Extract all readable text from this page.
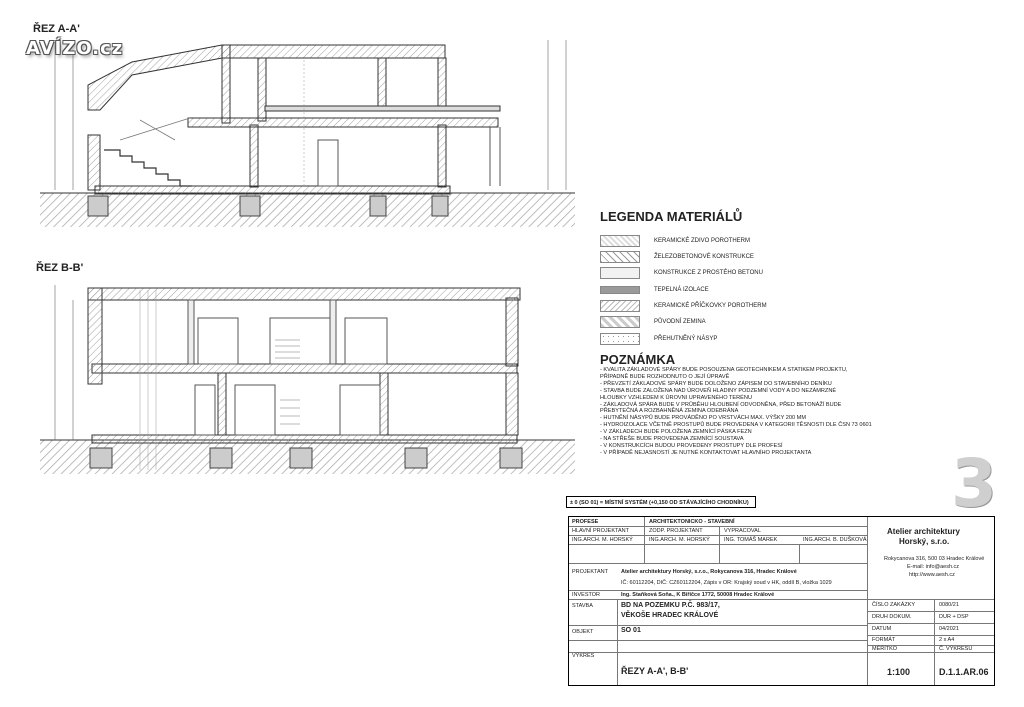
AVÍZO.cz
ŘEZ A-A'
ŘEZ B-B'
LEGENDA MATERIÁLŮ
KERAMICKÉ ZDIVO POROTHERM
ŽELEZOBETONOVÉ KONSTRUKCE
KONSTRUKCE Z PROSTÉHO BETONU
TEPELNÁ IZOLACE
KERAMICKÉ PŘÍČKOVKY POROTHERM
PŮVODNÍ ZEMINA
PŘEHUTNĚNÝ NÁSYP
POZNÁMKA
- KVALITA ZÁKLADOVÉ SPÁRY BUDE POSOUZENA GEOTECHNIKEM A STATIKEM PROJEKTU,
PŘÍPADNĚ BUDE ROZHODNUTO O JEJÍ ÚPRAVĚ
- PŘEVZETÍ ZÁKLADOVÉ SPÁRY BUDE DOLOŽENO ZÁPISEM DO STAVEBNÍHO DENÍKU
- STAVBA BUDE ZALOŽENA NAD ÚROVEŇ HLADINY PODZEMNÍ VODY A DO NEZÁMRZNÉ
HLOUBKY VZHLEDEM K ÚROVNI UPRAVENÉHO TERÉNU
- ZÁKLADOVÁ SPÁRA BUDE V PRŮBĚHU HLOUBENÍ ODVODNĚNA, PŘED BETONÁŽÍ BUDE
PŘEBYTEČNÁ A ROZBAHNĚNÁ ZEMINA ODEBRÁNA
- HUTNĚNÍ NÁSYPŮ BUDE PROVÁDĚNO PO VRSTVÁCH MAX. VÝŠKY 200 MM
- HYDROIZOLACE VČETNĚ PROSTUPŮ BUDE PROVEDENA V KATEGORII TĚSNOSTI DLE ČSN 73 0601
- V ZÁKLADECH BUDE POLOŽENA ZEMNÍCÍ PÁSKA FEZN
- NA STŘEŠE BUDE PROVEDENA ZEMNÍCÍ SOUSTAVA
- V KONSTRUKCÍCH BUDOU PROVEDENY PROSTUPY DLE PROFESÍ
- V PŘÍPADĚ NEJASNOSTÍ JE NUTNÉ KONTAKTOVAT HLAVNÍHO PROJEKTANTA	3
± 0 (SO 01) = MÍSTNÍ SYSTÉM (+0,150 OD STÁVAJÍCÍHO CHODNÍKU)
PROFESE	ARCHITEKTONICKO - STAVEBNÍ
HLAVNÍ PROJEKTANT	ZODP. PROJEKTANT	VYPRACOVAL
ING.ARCH. M. HORSKÝ	ING.ARCH. M. HORSKÝ	ING. TOMÁŠ MAREK	ING.ARCH. B. DUŠKOVÁ
Atelier architektury
Horský, s.r.o.
Rokycanova 316, 500 03 Hradec Králové
E-mail: info@aesh.cz
http://www.aesh.cz
PROJEKTANT Atelier architektury Horský, s.r.o., Rokycanova 316, Hradec Králové
IČ: 60112204, DIČ: CZ60112204, Zápis v OR: Krajský soud v HK, oddíl B, vložka 1029
INVESTOR	Ing. Staňková Soňa., K Biřičce 1772, 50008 Hradec Králové
STAVBA	BD NA POZEMKU P.Č. 983/17,
VĚKOŠE HRADEC KRÁLOVÉ
OBJEKT	SO 01
VÝKRES
ŘEZY A-A', B-B'
ČÍSLO ZAKÁZKY	0080/21
DRUH DOKUM.	DUR + DSP
DATUM	04/2021
FORMÁT	2 x A4
MĚŘÍTKO	Č. VÝKRESU
1:100	D.1.1.AR.06
